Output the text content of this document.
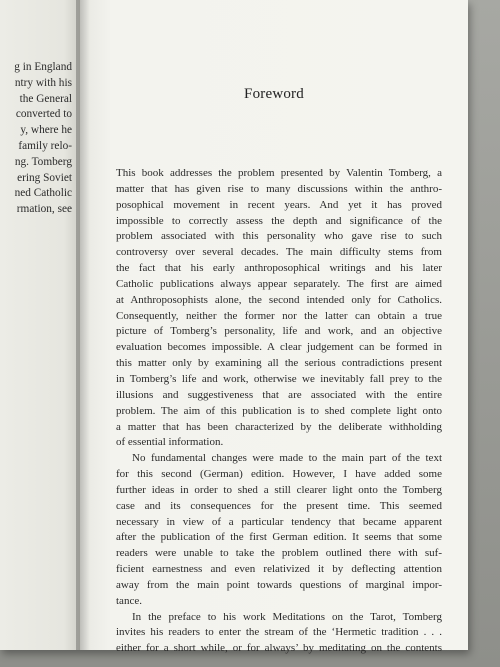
g in England
ntry with his
the General
converted to
y, where he
family relo-
ng. Tomberg
ering Soviet
ned Catholic
rmation, see
Foreword
This book addresses the problem presented by Valentin Tomberg, a
matter that has given rise to many discussions within the anthro-
posophical movement in recent years. And yet it has proved
impossible to correctly assess the depth and significance of the
problem associated with this personality who gave rise to such
controversy over several decades. The main difficulty stems from
the fact that his early anthroposophical writings and his later
Catholic publications always appear separately. The first are aimed
at Anthroposophists alone, the second intended only for Catholics.
Consequently, neither the former nor the latter can obtain a true
picture of Tomberg’s personality, life and work, and an objective
evaluation becomes impossible. A clear judgement can be formed in
this matter only by examining all the serious contradictions present
in Tomberg’s life and work, otherwise we inevitably fall prey to the
illusions and suggestiveness that are associated with the entire
problem. The aim of this publication is to shed complete light onto
a matter that has been characterized by the deliberate withholding
of essential information.
No fundamental changes were made to the main part of the text
for this second (German) edition. However, I have added some
further ideas in order to shed a still clearer light onto the Tomberg
case and its consequences for the present time. This seemed
necessary in view of a particular tendency that became apparent
after the publication of the first German edition. It seems that some
readers were unable to take the problem outlined there with suf-
ficient earnestness and even relativized it by deflecting attention
away from the main point towards questions of marginal impor-
tance.
In the preface to his work Meditations on the Tarot, Tomberg
invites his readers to enter the stream of the ‘Hermetic tradition . . .
either for a short while, or for always’ by meditating on the contents
